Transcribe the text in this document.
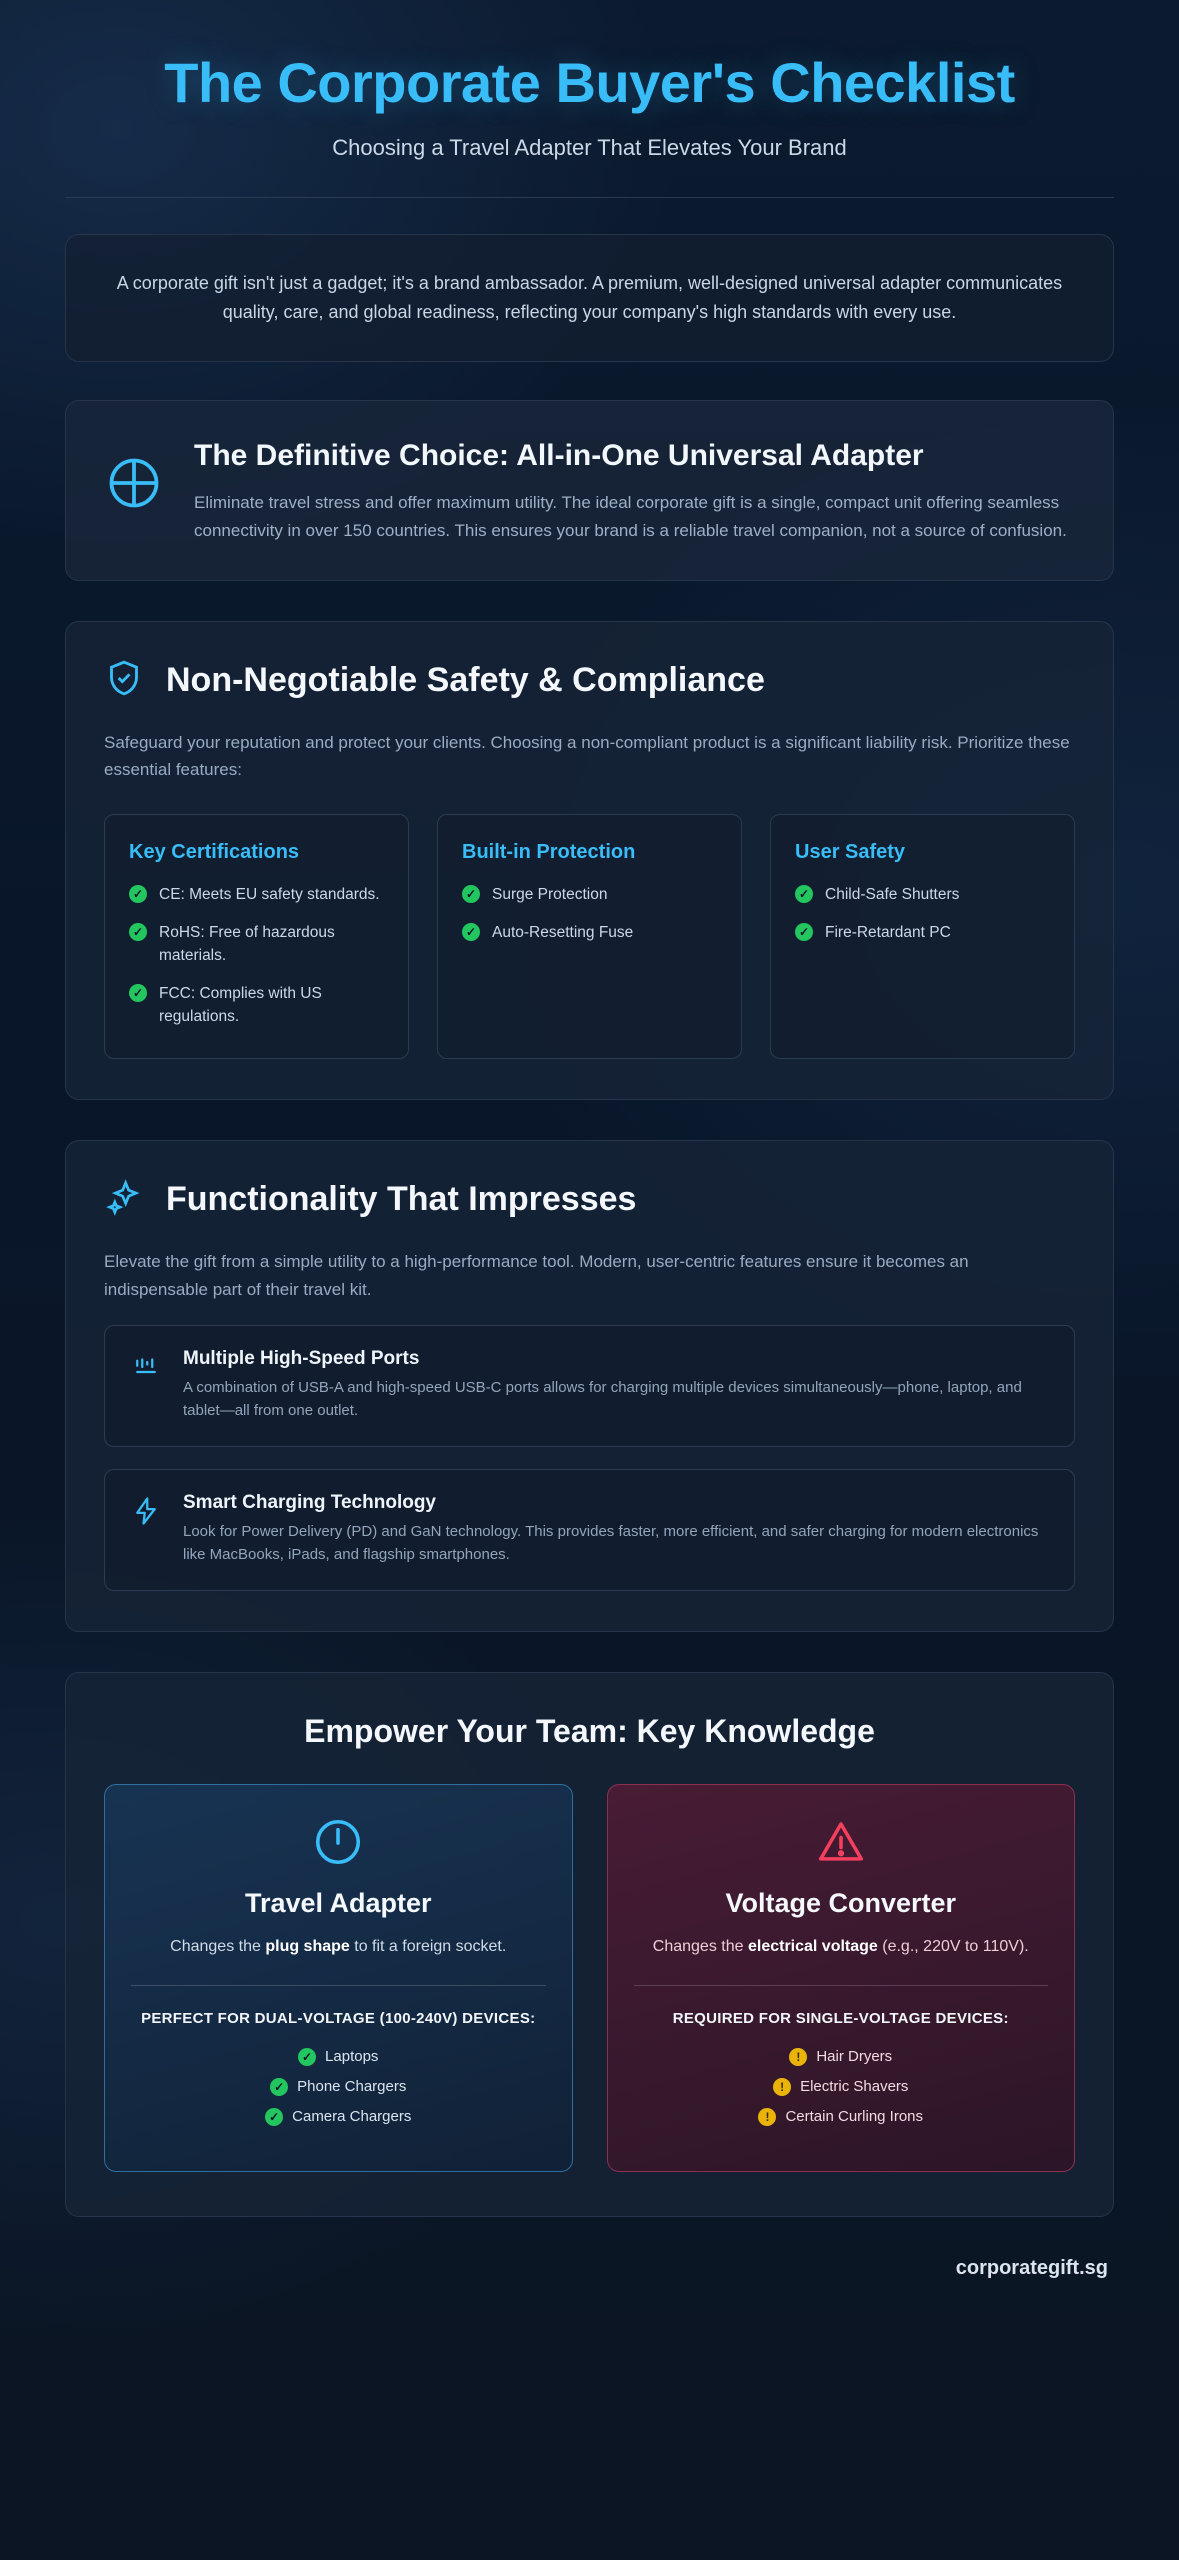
The Corporate Buyer's Checklist
Choosing a Travel Adapter That Elevates Your Brand

A corporate gift isn't just a gadget; it's a brand ambassador. A premium, well-designed universal adapter communicates quality, care, and global readiness, reflecting your company's high standards with every use.

The Definitive Choice: All-in-One Universal Adapter

Eliminate travel stress and offer maximum utility. The ideal corporate gift is a single, compact unit offering seamless connectivity in over 150 countries. This ensures your brand is a reliable travel companion, not a source of confusion.

Non-Negotiable Safety & Compliance

Safeguard your reputation and protect your clients. Choosing a non-compliant product is a significant liability risk. Prioritize these essential features:

Key Certifications
✓ CE: Meets EU safety standards.
✓ RoHS: Free of hazardous materials.
✓ FCC: Complies with US regulations.
Built-in Protection
✓ Surge Protection
✓ Auto-Resetting Fuse
User Safety
✓ Child-Safe Shutters
✓ Fire-Retardant PC
Functionality That Impresses

Elevate the gift from a simple utility to a high-performance tool. Modern, user-centric features ensure it becomes an indispensable part of their travel kit.

Multiple High-Speed Ports

A combination of USB-A and high-speed USB-C ports allows for charging multiple devices simultaneously—phone, laptop, and tablet—all from one outlet.

Smart Charging Technology

Look for Power Delivery (PD) and GaN technology. This provides faster, more efficient, and safer charging for modern electronics like MacBooks, iPads, and flagship smartphones.

Empower Your Team: Key Knowledge
Travel Adapter

Changes the plug shape to fit a foreign socket.

PERFECT FOR DUAL-VOLTAGE (100-240V) DEVICES:
✓ Laptops
✓ Phone Chargers
✓ Camera Chargers
Voltage Converter

Changes the electrical voltage (e.g., 220V to 110V).

REQUIRED FOR SINGLE-VOLTAGE DEVICES:
!	Hair Dryers
!	Electric Shavers
!	Certain Curling Irons
corporategift.sg
